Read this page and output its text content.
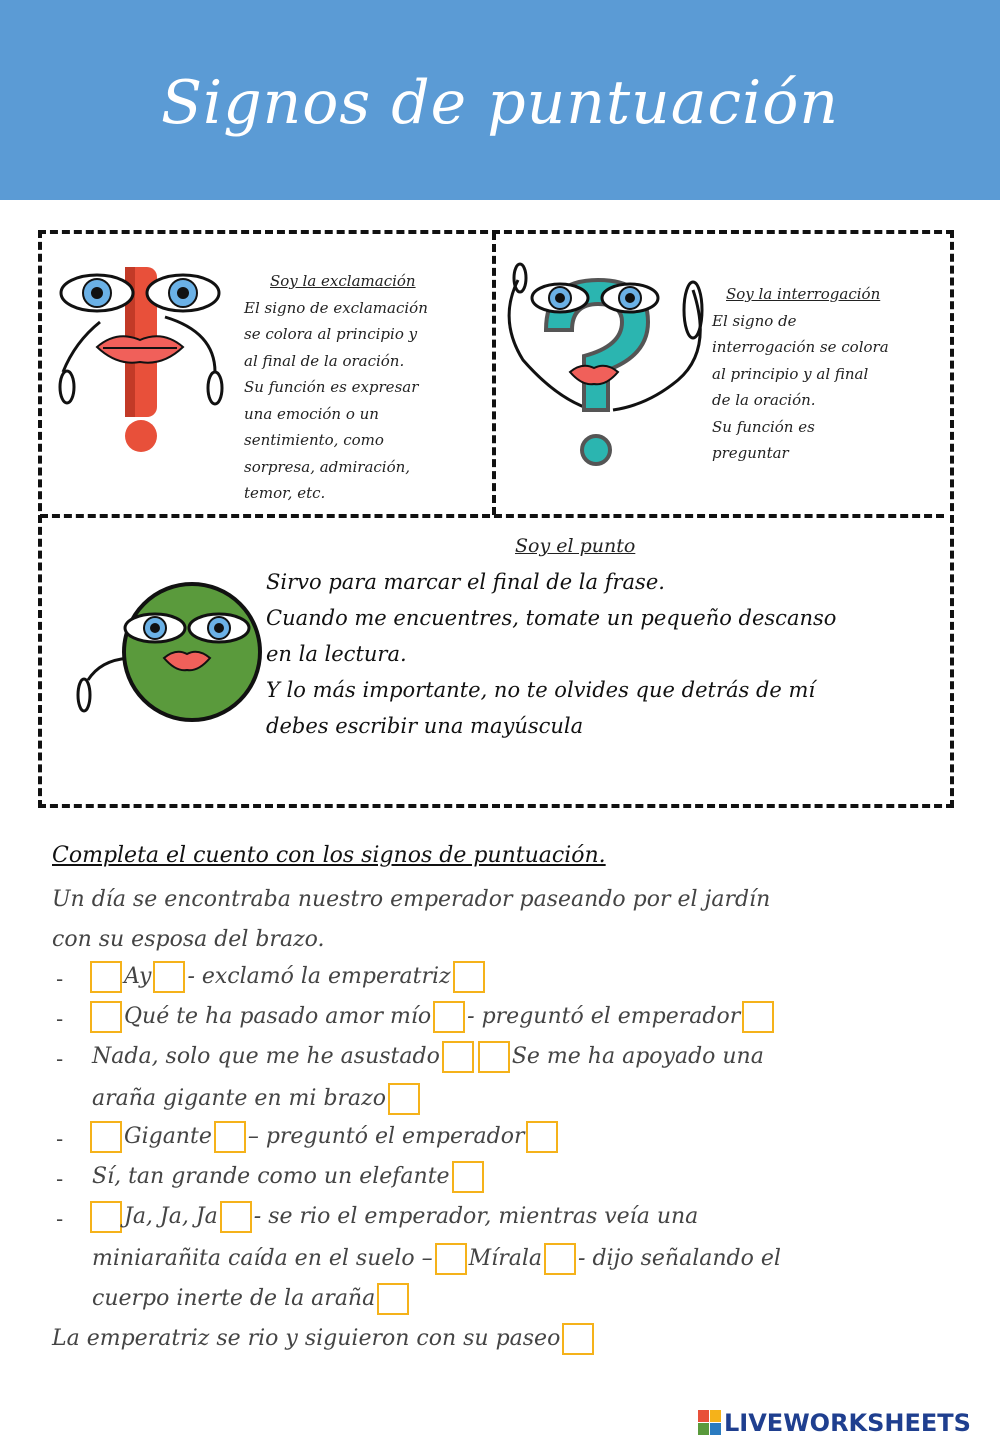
Signos de puntuación
Soy la exclamación
El signo de exclamación
se colora al principio y
al final de la oración.
Su función es expresar
una emoción o un
sentimiento, como
sorpresa, admiración,
temor, etc.
Soy la interrogación
El signo de
interrogación se colora
al principio y al final
de la oración.
Su función es
preguntar
Soy el punto
Sirvo para marcar el final de la frase.
Cuando me encuentres, tomate un pequeño descanso
en la lectura.
Y lo más importante, no te olvides que detrás de mí
debes escribir una mayúscula
Completa el cuento con los signos de puntuación.
Un día se encontraba nuestro emperador paseando por el jardín
con su esposa del brazo.
-	Ay - exclamó la emperatriz
-	Qué te ha pasado amor mío - preguntó el emperador
- Nada, solo que me he asustado	Se me ha apoyado una
araña gigante en mi brazo
-	Gigante – preguntó el emperador
- Sí, tan grande como un elefante
-	Ja, Ja, Ja - se rio el emperador, mientras veía una
miniarañita caída en el suelo – Mírala - dijo señalando el
cuerpo inerte de la araña
La emperatriz se rio y siguieron con su paseo
LIVEWORKSHEETS
